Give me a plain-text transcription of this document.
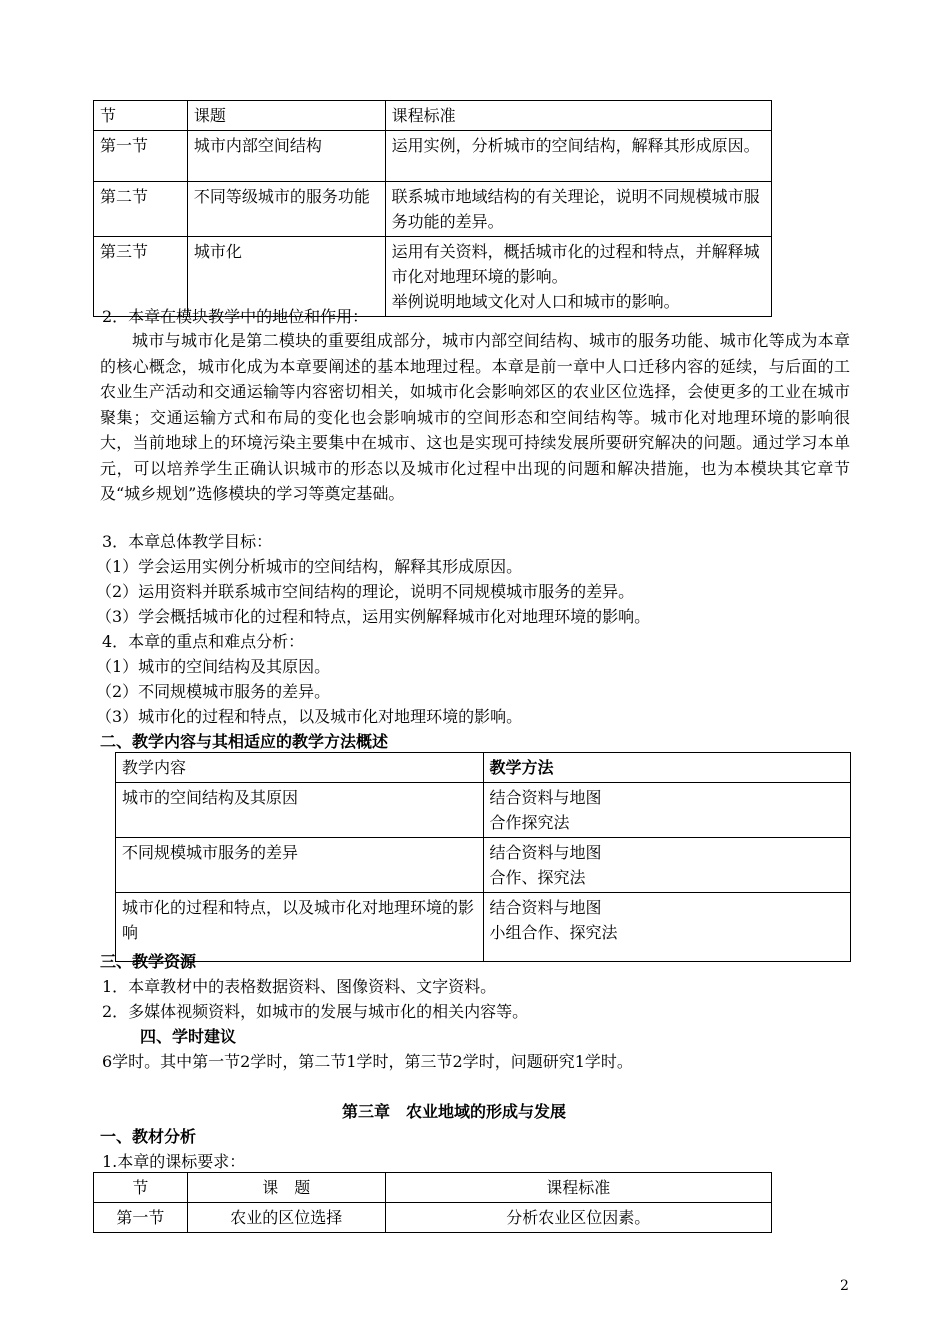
节	课题	课程标准
第一节	城市内部空间结构	运用实例，分析城市的空间结构，解释其形成原因。
第二节	不同等级城市的服务功能	联系城市地域结构的有关理论，说明不同规模城市服务功能的差异。
第三节	城市化	运用有关资料，概括城市化的过程和特点，并解释城市化对地理环境的影响。
举例说明地域文化对人口和城市的影响。
2．本章在模块教学中的地位和作用：
城市与城市化是第二模块的重要组成部分，城市内部空间结构、城市的服务功能、城市化等成为本章的核心概念，城市化成为本章要阐述的基本地理过程。本章是前一章中人口迁移内容的延续，与后面的工农业生产活动和交通运输等内容密切相关，如城市化会影响郊区的农业区位选择，会使更多的工业在城市聚集；交通运输方式和布局的变化也会影响城市的空间形态和空间结构等。城市化对地理环境的影响很大，当前地球上的环境污染主要集中在城市、这也是实现可持续发展所要研究解决的问题。通过学习本单元，可以培养学生正确认识城市的形态以及城市化过程中出现的问题和解决措施，也为本模块其它章节及“城乡规划”选修模块的学习等奠定基础。
3．本章总体教学目标：
（1）学会运用实例分析城市的空间结构，解释其形成原因。
（2）运用资料并联系城市空间结构的理论，说明不同规模城市服务的差异。
（3）学会概括城市化的过程和特点，运用实例解释城市化对地理环境的影响。
4．本章的重点和难点分析：
（1）城市的空间结构及其原因。
（2）不同规模城市服务的差异。
（3）城市化的过程和特点，以及城市化对地理环境的影响。
二、教学内容与其相适应的教学方法概述
教学内容	教学方法
城市的空间结构及其原因	结合资料与地图
合作探究法
不同规模城市服务的差异	结合资料与地图
合作、探究法
城市化的过程和特点，以及城市化对地理环境的影响	结合资料与地图
小组合作、探究法
三、教学资源
1．本章教材中的表格数据资料、图像资料、文字资料。
2．多媒体视频资料，如城市的发展与城市化的相关内容等。
四、学时建议
6学时。其中第一节2学时，第二节1学时，第三节2学时，问题研究1学时。
第三章　农业地域的形成与发展
一、教材分析
1.本章的课标要求：
节	课　题	课程标准
第一节	农业的区位选择	分析农业区位因素。
2
